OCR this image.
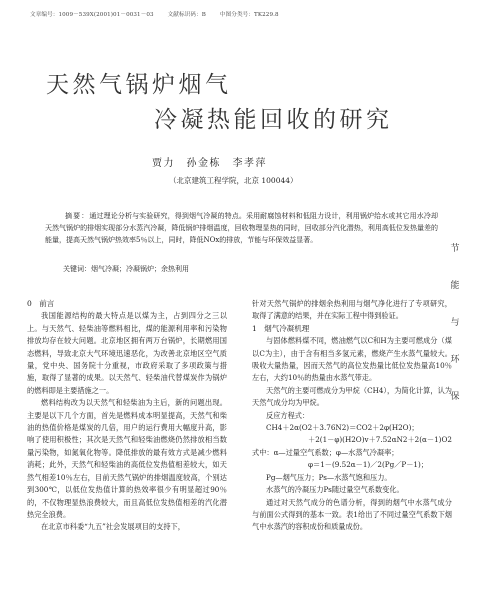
文章编号：1009－539X(2001)01－0031－03 文献标识码：B 中图分类号：TK229.8
天然气锅炉烟气
冷凝热能回收的研究
贾力　孙金栋　李孝萍
（北京建筑工程学院，北京 100044）
摘要：通过理论分析与实验研究，得到烟气冷凝的特点。采用耐腐蚀材料和低阻力设计，利用锅炉给水或其它用水冷却天然气锅炉的排烟实现部分水蒸汽冷凝，降低锅炉排烟温度，回收物理显热的同时，回收部分汽化潜热，利用高低位发热量差的能量，提高天然气锅炉热效率5％以上，同时，降低NOx的排放，节能与环保效益显著。
关键词：烟气冷凝；冷凝锅炉；余热利用
节
能
与
环
保
0　前言

我国能源结构的最大特点是以煤为主，占到四分之三以上。与天然气、轻柴油等燃料相比，煤的能源利用率和污染物排放均存在较大问题。北京地区拥有两万台锅炉，长期燃用国态燃料，导致北京大气环境迅速恶化，为改善北京地区空气质量，党中央、国务院十分重视，市政府采取了多项政策与措施，取得了显著的成果。以天然气、轻柴油代替煤炭作为锅炉的燃料即是主要措施之一。

燃料结构改为以天然气和轻柴油为主后，新的问题出现。主要是以下几个方面，首先是燃料成本明显提高，天然气和柴油的热值价格是煤炭的几倍，用户的运行费用大幅度升高，影响了使用积极性；其次是天然气和轻柴油燃烧仍然排放相当数量污染物，如氮氧化物等。降低排放的最有效方式是减少燃料消耗；此外，天然气和轻柴油的高低位发热值相差较大，如天然气相差10％左右，目前天然气锅炉的排烟温度较高，个别达到300℃，以低位发热值计算的热效率很少有明显超过90％的，不仅物理显热浪费较大，而且高低位发热值相差的汽化潜热完全浪费。

在北京市科委“九五”社会发展项目的支持下，

针对天然气锅炉的排烟余热利用与烟气净化进行了专项研究，取得了满意的结果，并在实际工程中得到验证。

1　烟气冷凝机理

与固体燃料煤不同，燃油燃气以C和H为主要可燃成分（煤以C为主），由于含有相当多氢元素，燃烧产生水蒸气量较大。吸收大量热量，因而天然气的高位发热量比低位发热量高10％左右，大约10％的热量由水蒸气带走。

天然气的主要可燃成分为甲烷（CH4），为简化计算，认为天然气成分均为甲烷。

反应方程式：

CH4＋2α(O2＋3.76N2)＝CO2＋2φ(H2O)；
＋2(1－φ)(H2O)v＋7.52αN2＋2(α－1)O2

式中：α—过量空气系数；φ—水蒸气冷凝率；

φ＝1－(9.52α－1)／2(Pg／P－1)；

Pg—烟气压力；Ps—水蒸气饱和压力。

水蒸气的冷凝压力Ps随过量空气系数变化。

通过对天然气成分的色谱分析，得到的烟气中水蒸气成分与前面公式得到的基本一致。表1给出了不同过量空气系数下烟气中水蒸汽的容积成份和质量成份。
